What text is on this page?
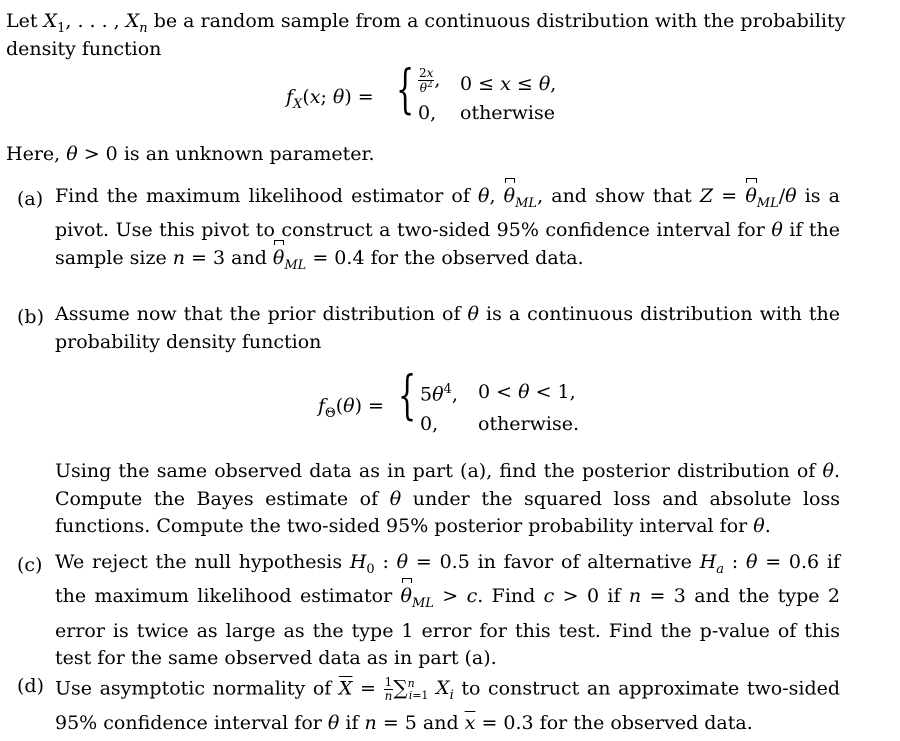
Let $X_1$, . . . , $X_n$ be a random sample from a continuous distribution with the probability
density function
$f_X(x$; θ) = { $\frac{2x}{\theta^2}$ , 0 ≤ x ≤ θ,
0, otherwise
Here, θ > 0 is an unknown parameter.
(a) Find the maximum likelihood estimator of θ, $\theta_{ML}$, and show that $Z = \theta_{ML}/\theta$ is a pivot. Use this pivot to construct a two-sided 95% confidence interval for θ if the sample size n = 3 and $\theta_{ML} = 0.4$ for the observed data.
(b) Assume now that the prior distribution of θ is a continuous distribution with the probability density function
$f_\Theta(\theta)$ = { $5\theta^4$, 0 < θ < 1,
0, otherwise.
Using the same observed data as in part (a), find the posterior distribution of θ. Compute the Bayes estimate of θ under the squared loss and absolute loss functions. Compute the two-sided 95% posterior probability interval for θ.
(c) We reject the null hypothesis $H_0$ : θ = 0.5 in favor of alternative $H_a$ : θ = 0.6 if the maximum likelihood estimator $\theta_{ML} > c$. Find c > 0 if n = 3 and the type 2 error is twice as large as the type 1 error for this test. Find the p-value of this test for the same observed data as in part (a).
(d) Use asymptotic normality of $\overline{X} = \frac{1}{n} \sum^n_{i=1}$ $X_i$ to construct an approximate two-sided 95% confidence interval for θ if n = 5 and $\overline{x} = 0.3$ for the observed data.
